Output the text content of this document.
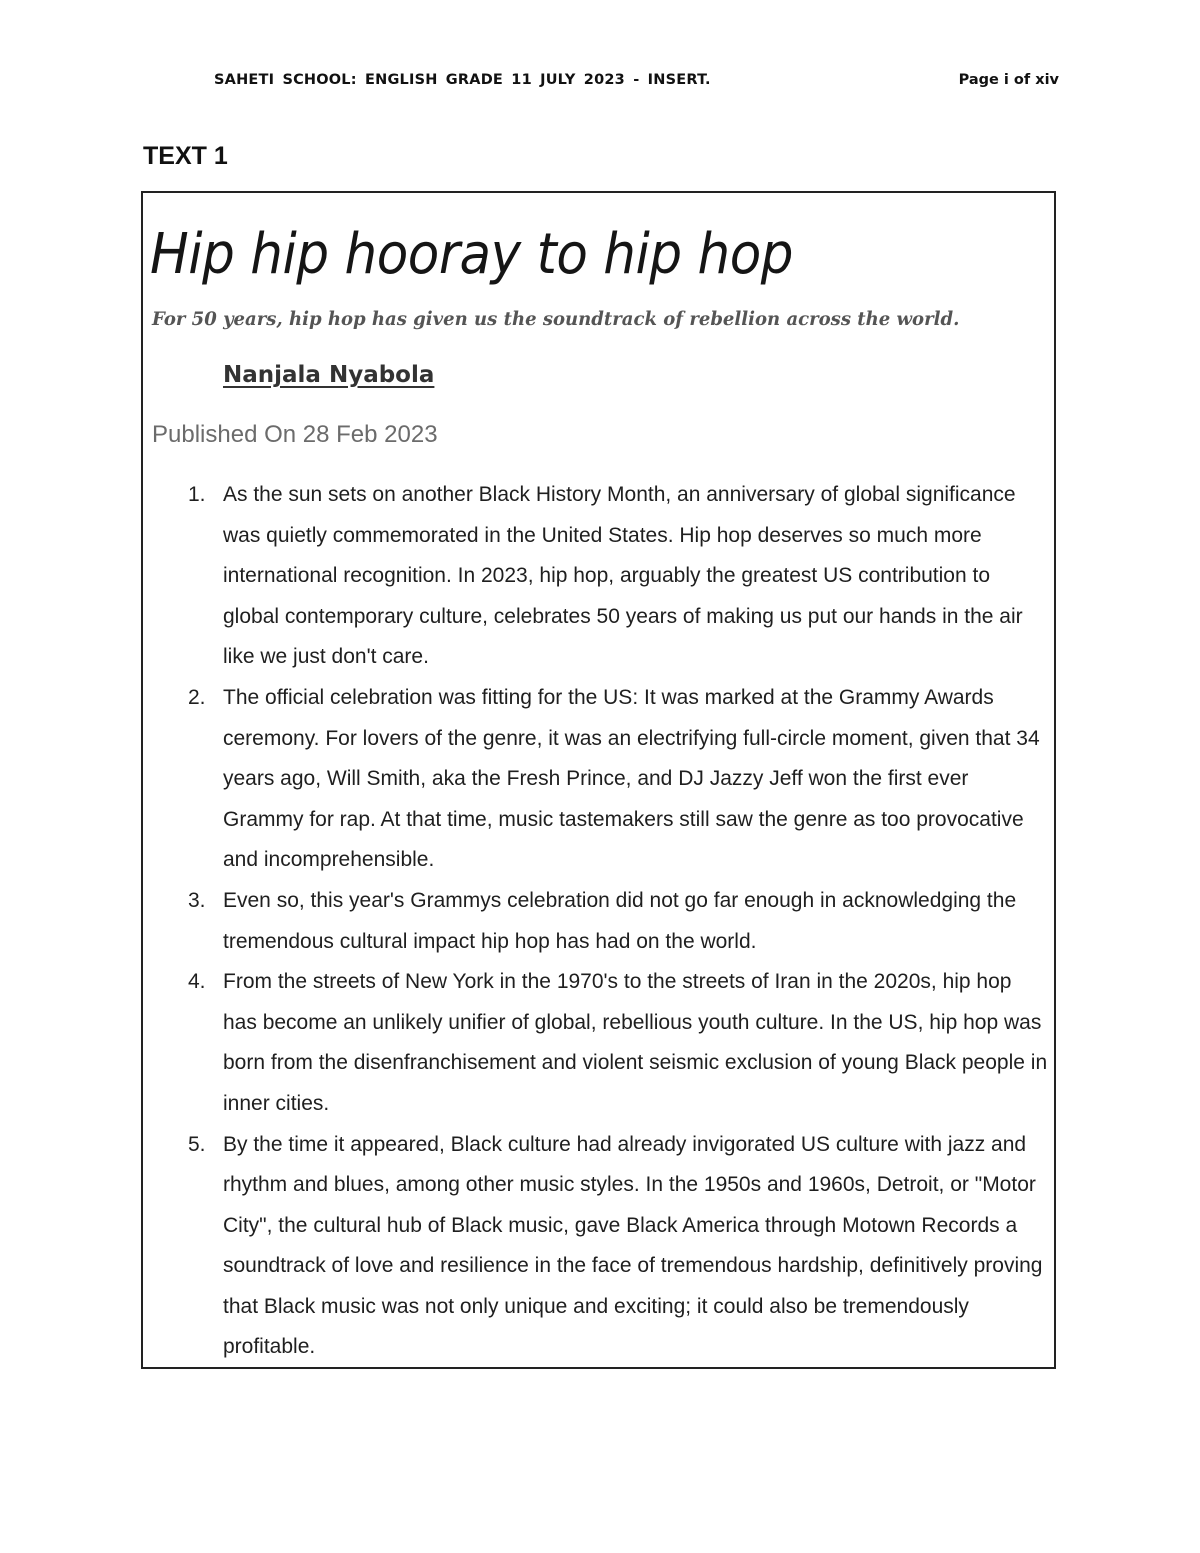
SAHETI SCHOOL: ENGLISH GRADE 11 JULY 2023 - INSERT.	Page i of xiv
TEXT 1
Hip hip hooray to hip hop
For 50 years, hip hop has given us the soundtrack of rebellion across the world.
Nanjala Nyabola
Published On 28 Feb 2023
1. As the sun sets on another Black History Month, an anniversary of global significance was quietly commemorated in the United States. Hip hop deserves so much more international recognition. In 2023, hip hop, arguably the greatest US contribution to global contemporary culture, celebrates 50 years of making us put our hands in the air like we just don't care.
2. The official celebration was fitting for the US: It was marked at the Grammy Awards ceremony. For lovers of the genre, it was an electrifying full-circle moment, given that 34 years ago, Will Smith, aka the Fresh Prince, and DJ Jazzy Jeff won the first ever Grammy for rap. At that time, music tastemakers still saw the genre as too provocative and incomprehensible.
3. Even so, this year's Grammys celebration did not go far enough in acknowledging the tremendous cultural impact hip hop has had on the world.
4. From the streets of New York in the 1970's to the streets of Iran in the 2020s, hip hop has become an unlikely unifier of global, rebellious youth culture. In the US, hip hop was born from the disenfranchisement and violent seismic exclusion of young Black people in inner cities.
5. By the time it appeared, Black culture had already invigorated US culture with jazz and rhythm and blues, among other music styles. In the 1950s and 1960s, Detroit, or "Motor City", the cultural hub of Black music, gave Black America through Motown Records a soundtrack of love and resilience in the face of tremendous hardship, definitively proving that Black music was not only unique and exciting; it could also be tremendously profitable.
